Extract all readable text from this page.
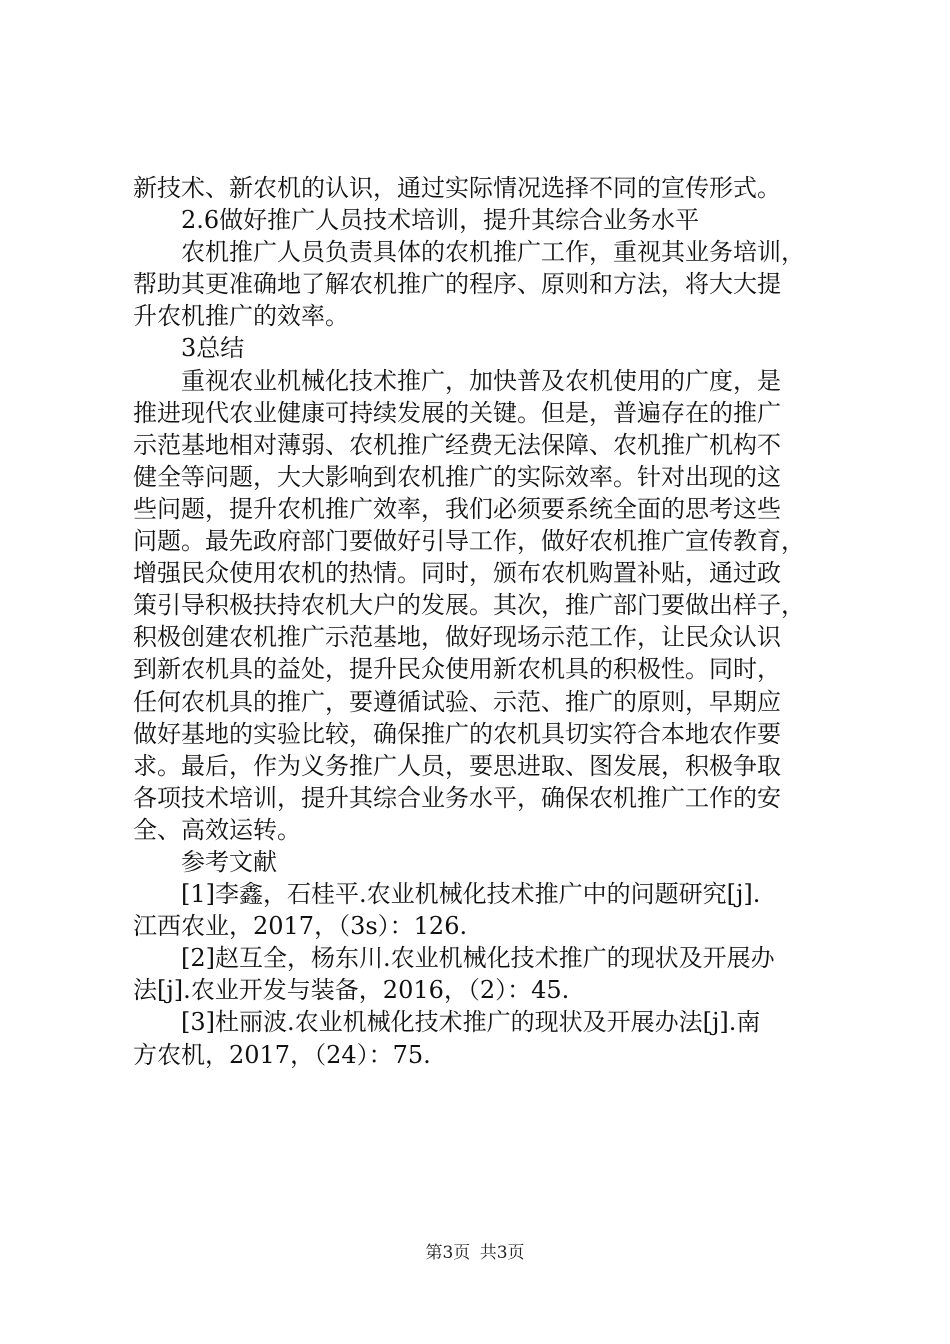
新技术、新农机的认识，通过实际情况选择不同的宣传形式。
2.6做好推广人员技术培训，提升其综合业务水平
农机推广人员负责具体的农机推广工作，重视其业务培训，
帮助其更准确地了解农机推广的程序、原则和方法，将大大提
升农机推广的效率。
3总结
重视农业机械化技术推广，加快普及农机使用的广度，是
推进现代农业健康可持续发展的关键。但是，普遍存在的推广
示范基地相对薄弱、农机推广经费无法保障、农机推广机构不
健全等问题，大大影响到农机推广的实际效率。针对出现的这
些问题，提升农机推广效率，我们必须要系统全面的思考这些
问题。最先政府部门要做好引导工作，做好农机推广宣传教育，
增强民众使用农机的热情。同时，颁布农机购置补贴，通过政
策引导积极扶持农机大户的发展。其次，推广部门要做出样子，
积极创建农机推广示范基地，做好现场示范工作，让民众认识
到新农机具的益处，提升民众使用新农机具的积极性。同时，
任何农机具的推广，要遵循试验、示范、推广的原则，早期应
做好基地的实验比较，确保推广的农机具切实符合本地农作要
求。最后，作为义务推广人员，要思进取、图发展，积极争取
各项技术培训，提升其综合业务水平，确保农机推广工作的安
全、高效运转。
参考文献
[1]李鑫，石桂平.农业机械化技术推广中的问题研究[j].
江西农业，2017，（3s）：126.
[2]赵互全，杨东川.农业机械化技术推广的现状及开展办
法[j].农业开发与装备，2016，（2）：45.
[3]杜丽波.农业机械化技术推广的现状及开展办法[j].南
方农机，2017，（24）：75.
第3页 共3页
